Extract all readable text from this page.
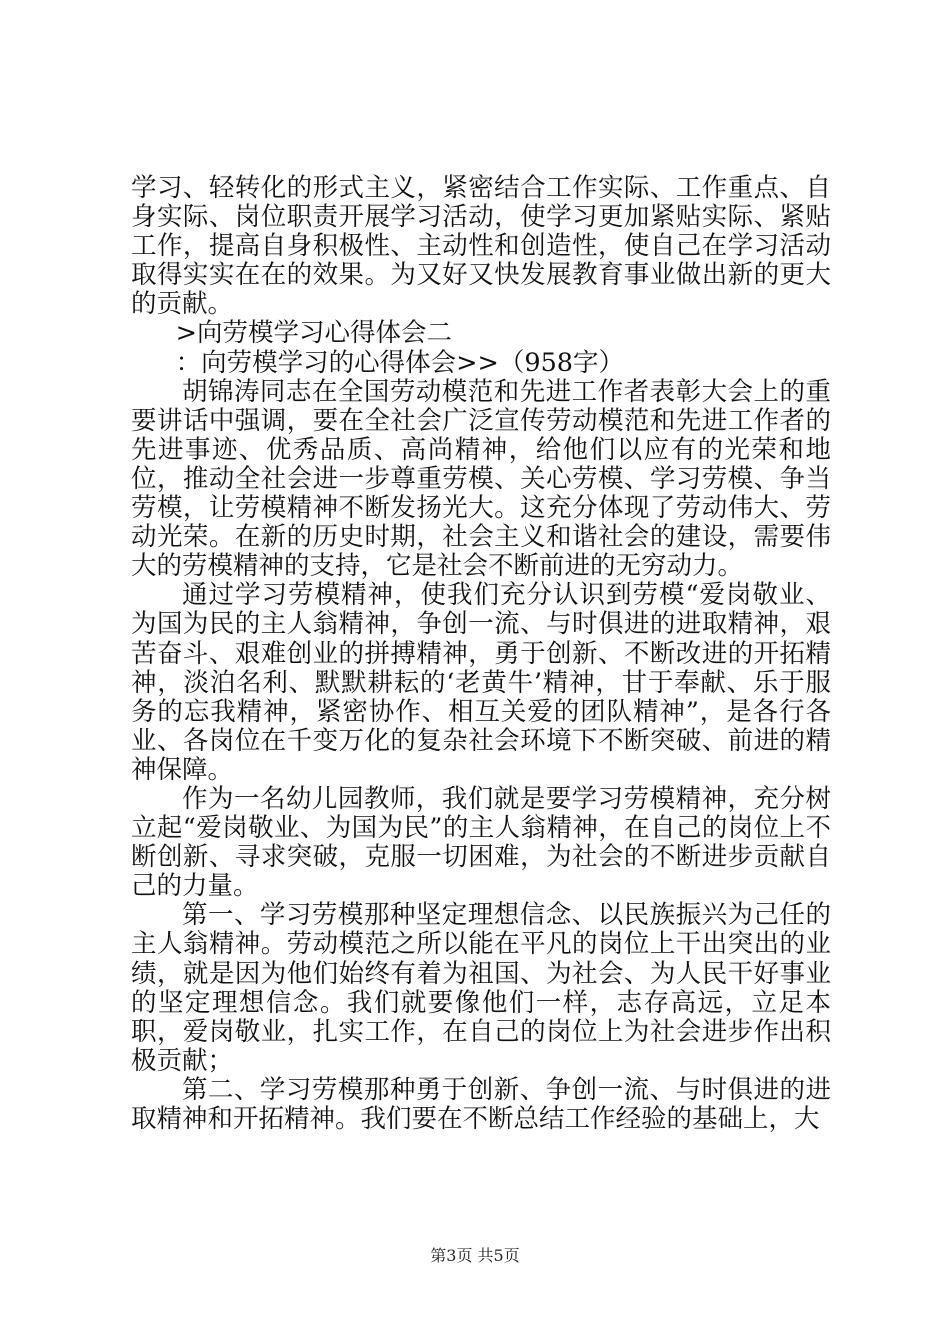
学习、轻转化的形式主义，紧密结合工作实际、工作重点、自身实际、岗位职责开展学习活动，使学习更加紧贴实际、紧贴工作，提高自身积极性、主动性和创造性，使自己在学习活动取得实实在在的效果。为又好又快发展教育事业做出新的更大的贡献。

>向劳模学习心得体会二

：向劳模学习的心得体会>>（958字）

胡锦涛同志在全国劳动模范和先进工作者表彰大会上的重要讲话中强调，要在全社会广泛宣传劳动模范和先进工作者的先进事迹、优秀品质、高尚精神，给他们以应有的光荣和地位，推动全社会进一步尊重劳模、关心劳模、学习劳模、争当劳模，让劳模精神不断发扬光大。这充分体现了劳动伟大、劳动光荣。在新的历史时期，社会主义和谐社会的建设，需要伟大的劳模精神的支持，它是社会不断前进的无穷动力。

通过学习劳模精神，使我们充分认识到劳模“爱岗敬业、为国为民的主人翁精神，争创一流、与时俱进的进取精神，艰苦奋斗、艰难创业的拼搏精神，勇于创新、不断改进的开拓精神，淡泊名利、默默耕耘的‘老黄牛’精神，甘于奉献、乐于服务的忘我精神，紧密协作、相互关爱的团队精神”，是各行各业、各岗位在千变万化的复杂社会环境下不断突破、前进的精神保障。

作为一名幼儿园教师，我们就是要学习劳模精神，充分树立起“爱岗敬业、为国为民”的主人翁精神，在自己的岗位上不断创新、寻求突破，克服一切困难，为社会的不断进步贡献自己的力量。

第一、学习劳模那种坚定理想信念、以民族振兴为己任的主人翁精神。劳动模范之所以能在平凡的岗位上干出突出的业绩，就是因为他们始终有着为祖国、为社会、为人民干好事业的坚定理想信念。我们就要像他们一样，志存高远，立足本职，爱岗敬业，扎实工作，在自己的岗位上为社会进步作出积极贡献；

第二、学习劳模那种勇于创新、争创一流、与时俱进的进取精神和开拓精神。我们要在不断总结工作经验的基础上，大

第3页 共5页
